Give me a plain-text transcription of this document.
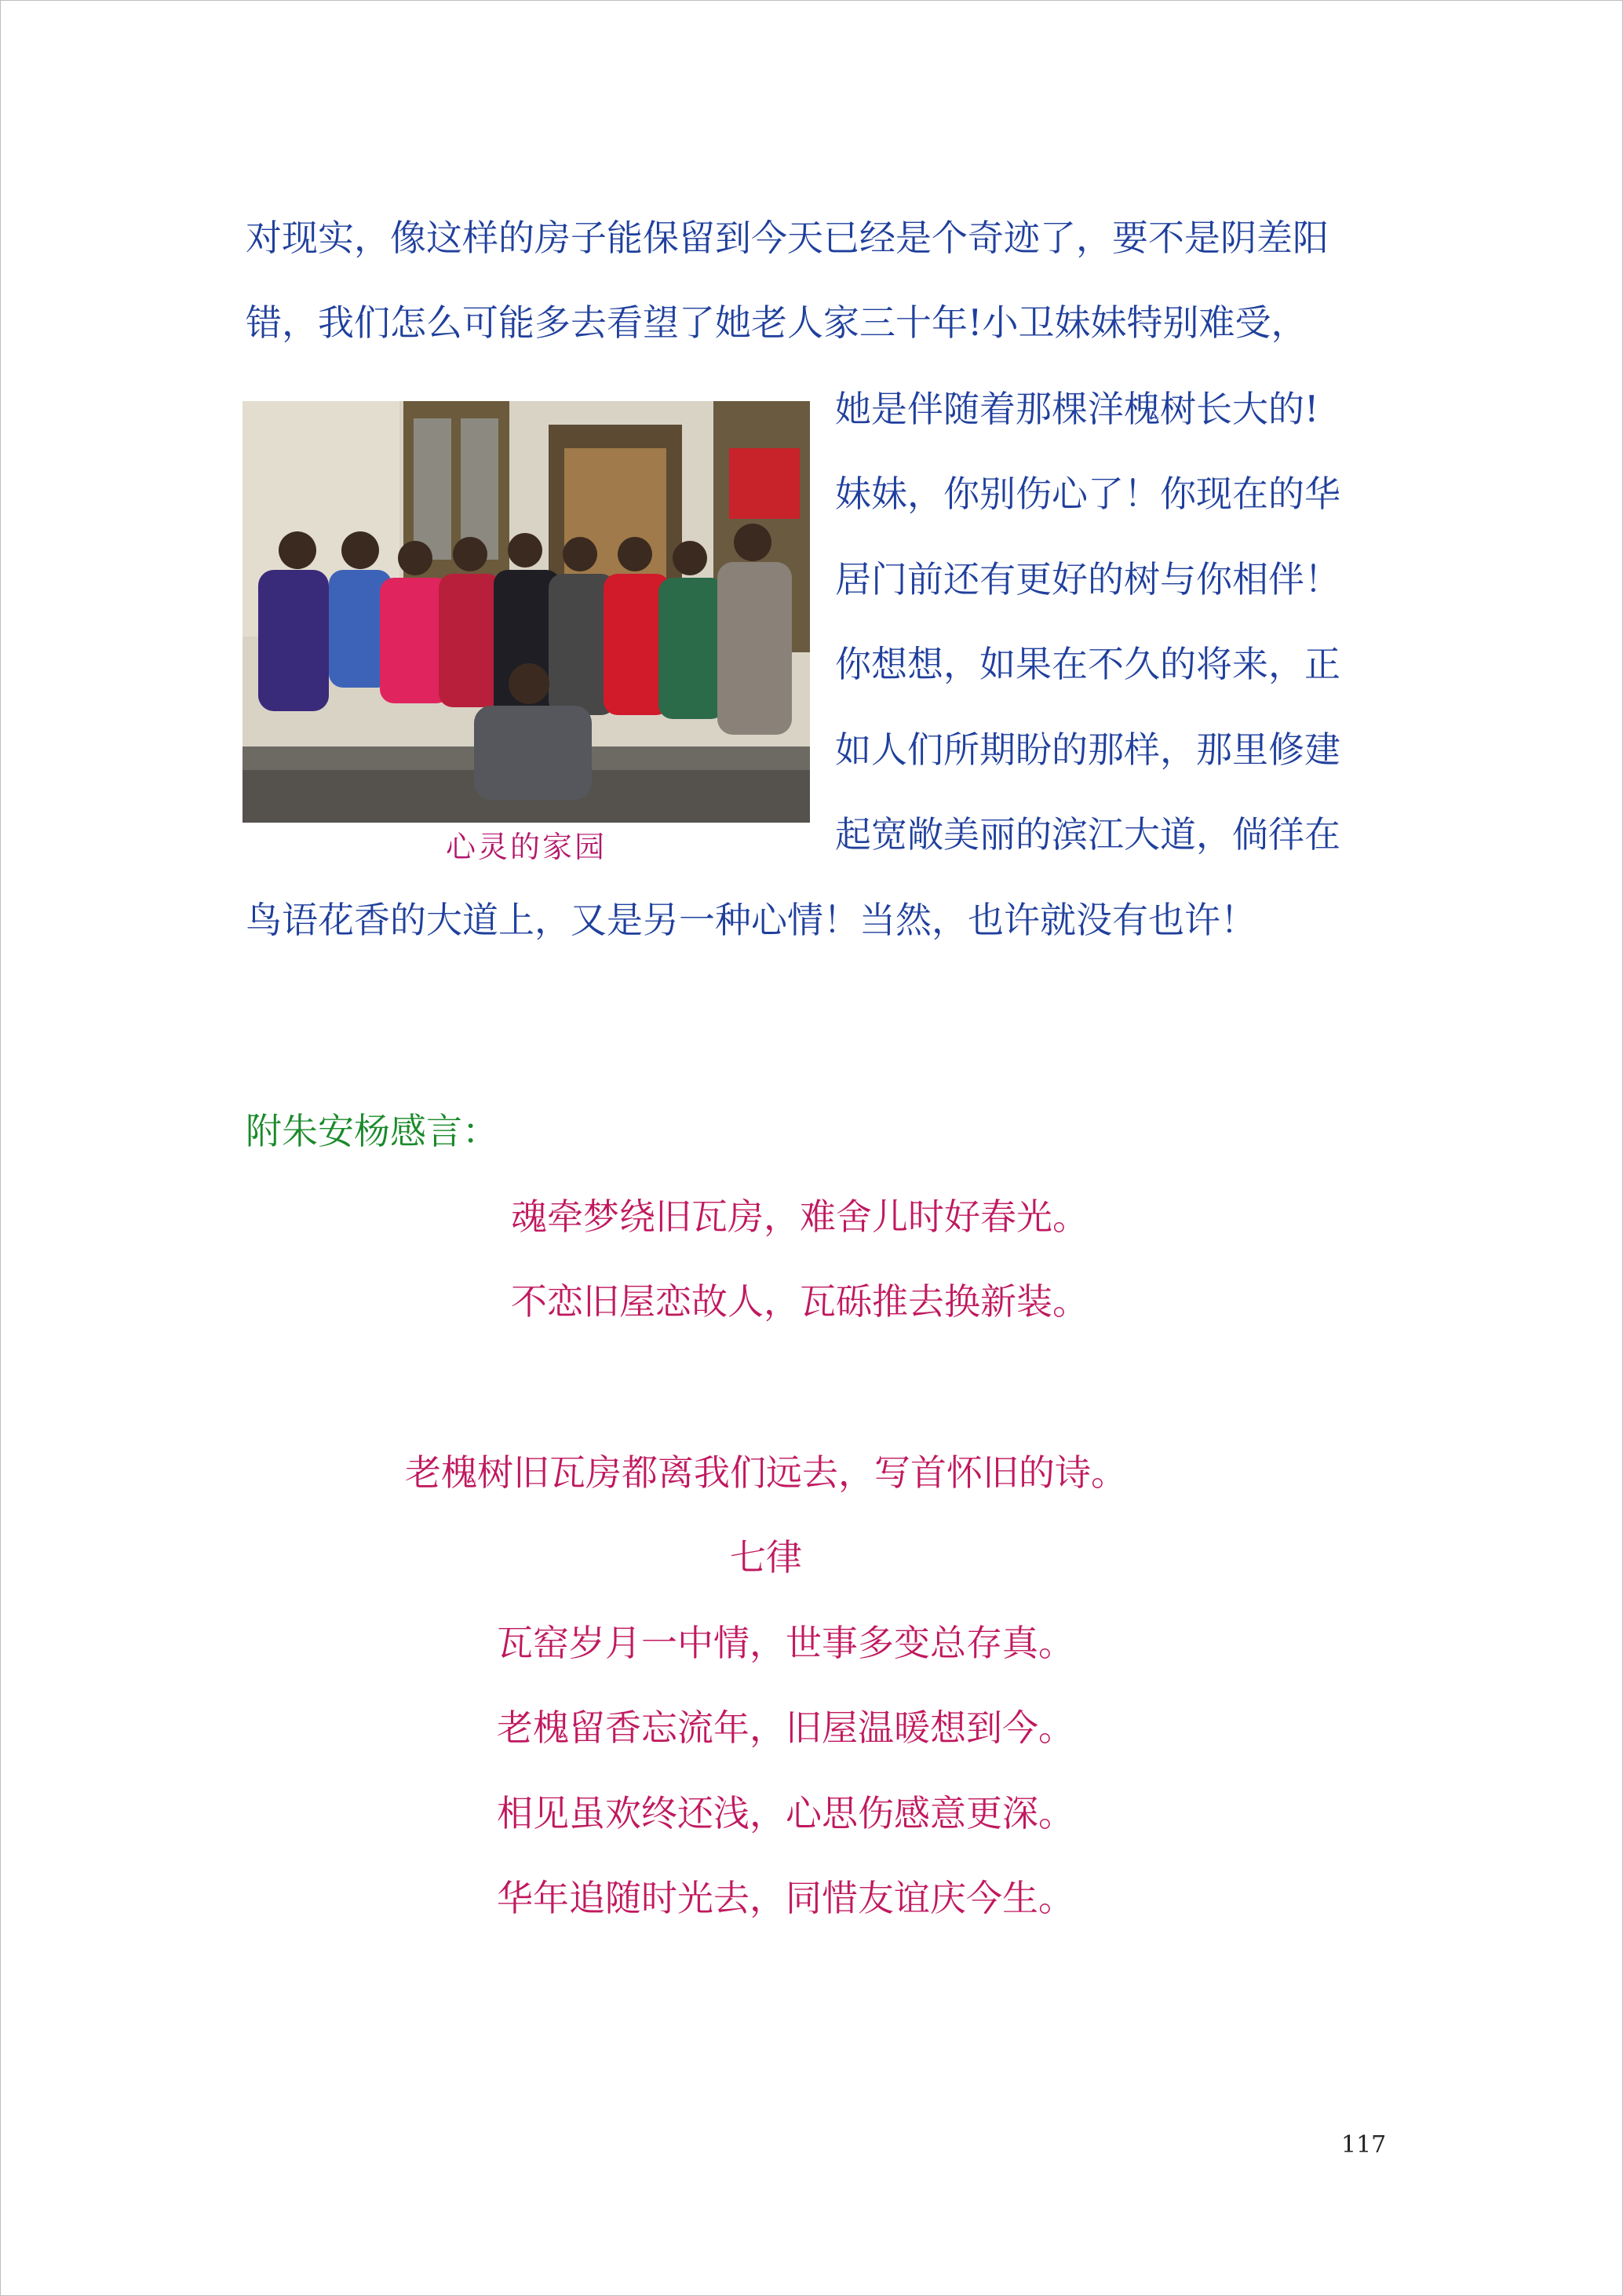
对现实，像这样的房子能保留到今天已经是个奇迹了，要不是阴差阳

错，我们怎么可能多去看望了她老人家三十年!小卫妹妹特别难受，

心灵的家园

她是伴随着那棵洋槐树长大的!

妹妹，你别伤心了！你现在的华

居门前还有更好的树与你相伴！

你想想，如果在不久的将来，正

如人们所期盼的那样，那里修建

起宽敞美丽的滨江大道，倘徉在

鸟语花香的大道上，又是另一种心情！当然，也许就没有也许！

附朱安杨感言：

魂牵梦绕旧瓦房，难舍儿时好春光。

不恋旧屋恋故人，瓦砾推去换新装。

老槐树旧瓦房都离我们远去，写首怀旧的诗。

七律

瓦窑岁月一中情，世事多变总存真。

老槐留香忘流年，旧屋温暖想到今。

相见虽欢终还浅，心思伤感意更深。

华年追随时光去，同惜友谊庆今生。

117
